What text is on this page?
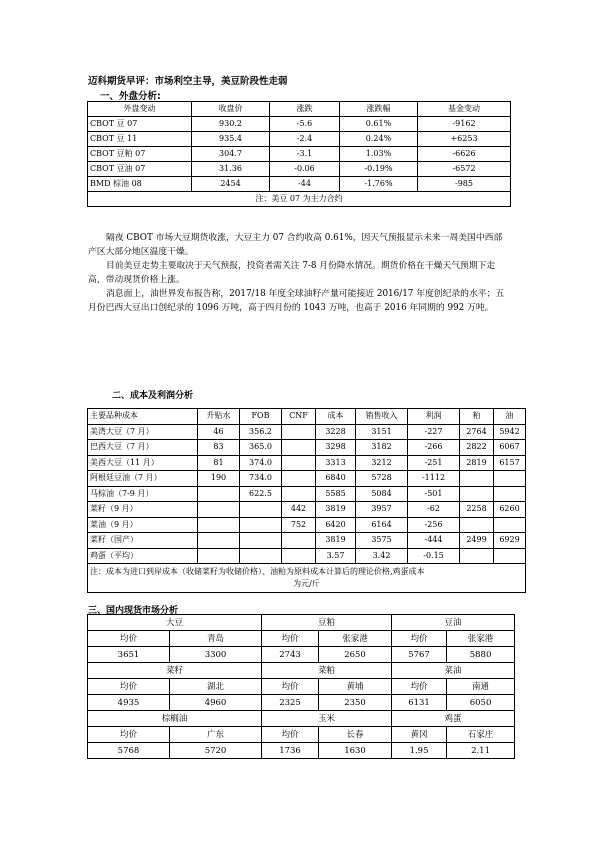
迈科期货早评：市场利空主导，美豆阶段性走弱
一、外盘分析:
外盘变动	收盘价	涨跌	涨跌幅	基金变动
CBOT 豆 07	930.2	-5.6	0.61%	-9162
CBOT 豆 11	935.4	-2.4	0.24%	+6253
CBOT 豆粕 07	304.7	-3.1	1.03%	-6626
CBOT 豆油 07	31.36	-0.06	-0.19%	-6572
BMD 棕油 08	2454	-44	-1.76%	-985
注：美豆 07 为主力合约				

隔夜 CBOT 市场大豆期货收涨，大豆主力 07 合约收高 0.61%，因天气预报显示未来一周美国中西部产区大部分地区温度干燥。

目前美豆走势主要取决于天气预报，投资者需关注 7-8 月份降水情况。期货价格在干燥天气预期下走高，带动现货价格上涨。

消息面上，油世界发布报告称，2017/18 年度全球油籽产量可能接近 2016/17 年度创纪录的水平；五月份巴西大豆出口创纪录的 1096 万吨，高于四月份的 1043 万吨，也高于 2016 年同期的 992 万吨。

二、成本及利润分析
主要品种成本	升贴水	FOB	CNF	成本	销售收入	利润	粕	油
美湾大豆（7 月）	46	356.2		3228	3151	-227	2764	5942
巴西大豆（7 月）	83	365.0		3298	3182	-266	2822	6067
美西大豆（11 月）	81	374.0		3313	3212	-251	2819	6157
阿根廷豆油（7 月）	190	734.0		6840	5728	-1112		
马棕油（7-9 月）		622.5		5585	5084	-501		
菜籽（9 月）			442	3819	3957	-62	2258	6260
菜油（9 月）			752	6420	6164	-256		
菜籽（国产）				3819	3575	-444	2499	6929
鸡蛋（平均）				3.57	3.42	-0.15		

注：成本为进口到岸成本（收储菜籽为收储价格）、油粕为原料成本计算后的理论价格,鸡蛋成本
为元/斤								
三、国内现货市场分析
大豆		豆粕		豆油	
均价	青岛	均价	张家港	均价	张家港
3651	3300	2743	2650	5767	5880
菜籽		菜粕		菜油	
均价	湖北	均价	黄埔	均价	南通
4935	4960	2325	2350	6131	6050
棕榈油		玉米		鸡蛋	
均价	广东	均价	长春	黄冈	石家庄
5768	5720	1736	1630	1.95	2.11
